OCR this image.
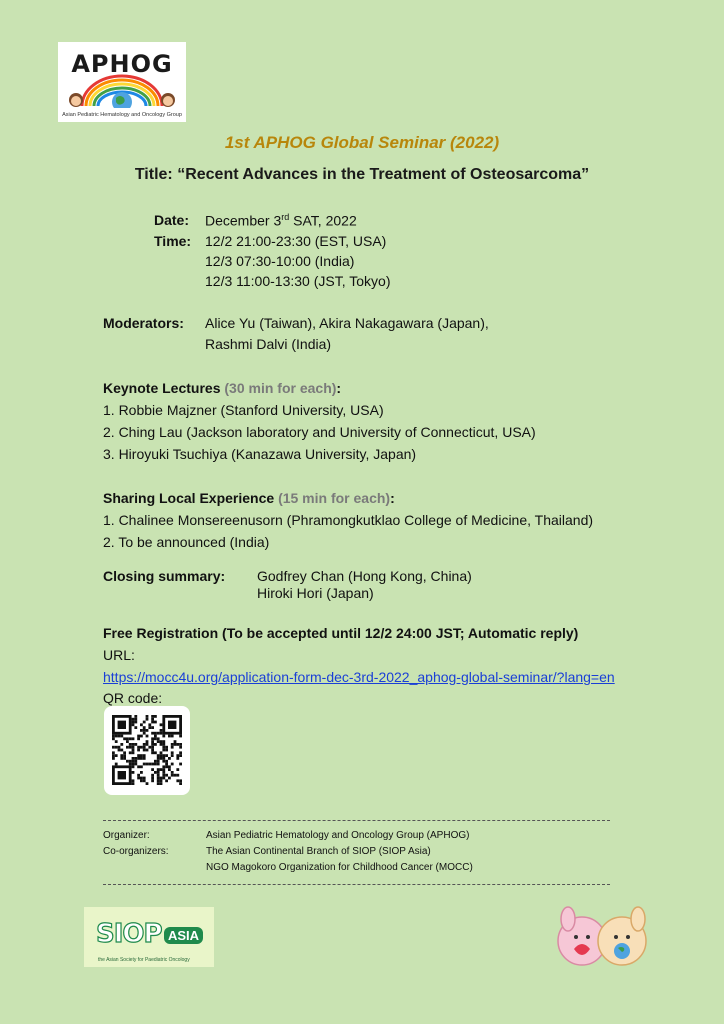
APHOG
Asian Pediatric Hematology and Oncology Group
1st APHOG Global Seminar (2022)
Title: “Recent Advances in the Treatment of Osteosarcoma”
Date: December 3rd SAT, 2022
Time: 12/2 21:00-23:30 (EST, USA)
12/3 07:30-10:00 (India)
12/3 11:00-13:30 (JST, Tokyo)
Moderators: Alice Yu (Taiwan), Akira Nakagawara (Japan),
Rashmi Dalvi (India)
Keynote Lectures (30 min for each):
1. Robbie Majzner (Stanford University, USA)
2. Ching Lau (Jackson laboratory and University of Connecticut, USA)
3. Hiroyuki Tsuchiya (Kanazawa University, Japan)
Sharing Local Experience (15 min for each):
1. Chalinee Monsereenusorn (Phramongkutklao College of Medicine, Thailand)
2. To be announced (India)
Closing summary: Godfrey Chan (Hong Kong, China)
Hiroki Hori (Japan)
Free Registration (To be accepted until 12/2 24:00 JST; Automatic reply)
URL:
https://mocc4u.org/application-form-dec-3rd-2022_aphog-global-seminar/?lang=en
QR code:
Organizer:	Asian Pediatric Hematology and Oncology Group (APHOG)
Co-organizers:	The Asian Continental Branch of SIOP (SIOP Asia)
NGO Magokoro Organization for Childhood Cancer (MOCC)
SIOP ASIA
the Asian Society for Paediatric Oncology
